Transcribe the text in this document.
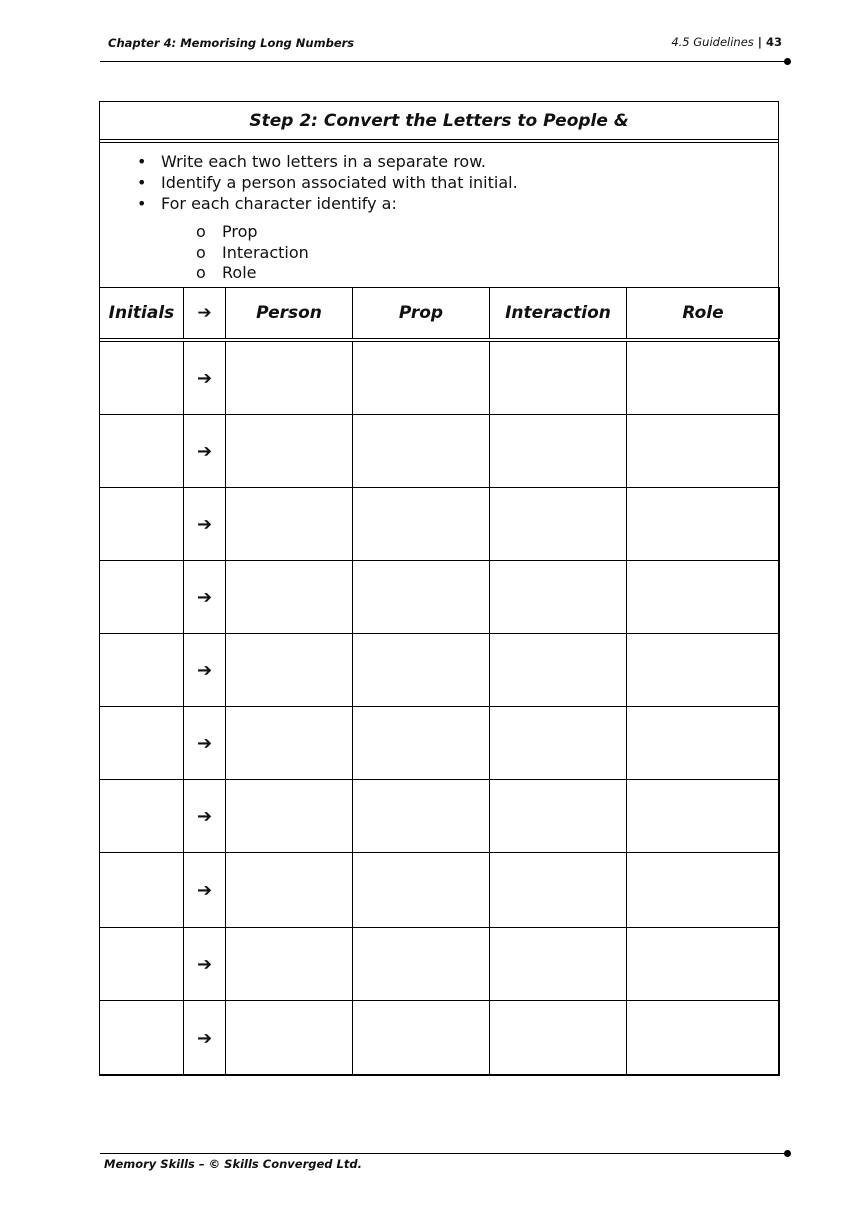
Chapter 4: Memorising Long Numbers	4.5 Guidelines | 43
Step 2: Convert the Letters to People &
• Write each two letters in a separate row.
• Identify a person associated with that initial.
• For each character identify a:
o Prop
o Interaction
o Role
Initials	➔	Person	Prop	Interaction	Role

	➔				
	➔				
	➔				
	➔				
	➔				
	➔				
	➔				
	➔				
	➔				
	➔				
Memory Skills – © Skills Converged Ltd.
